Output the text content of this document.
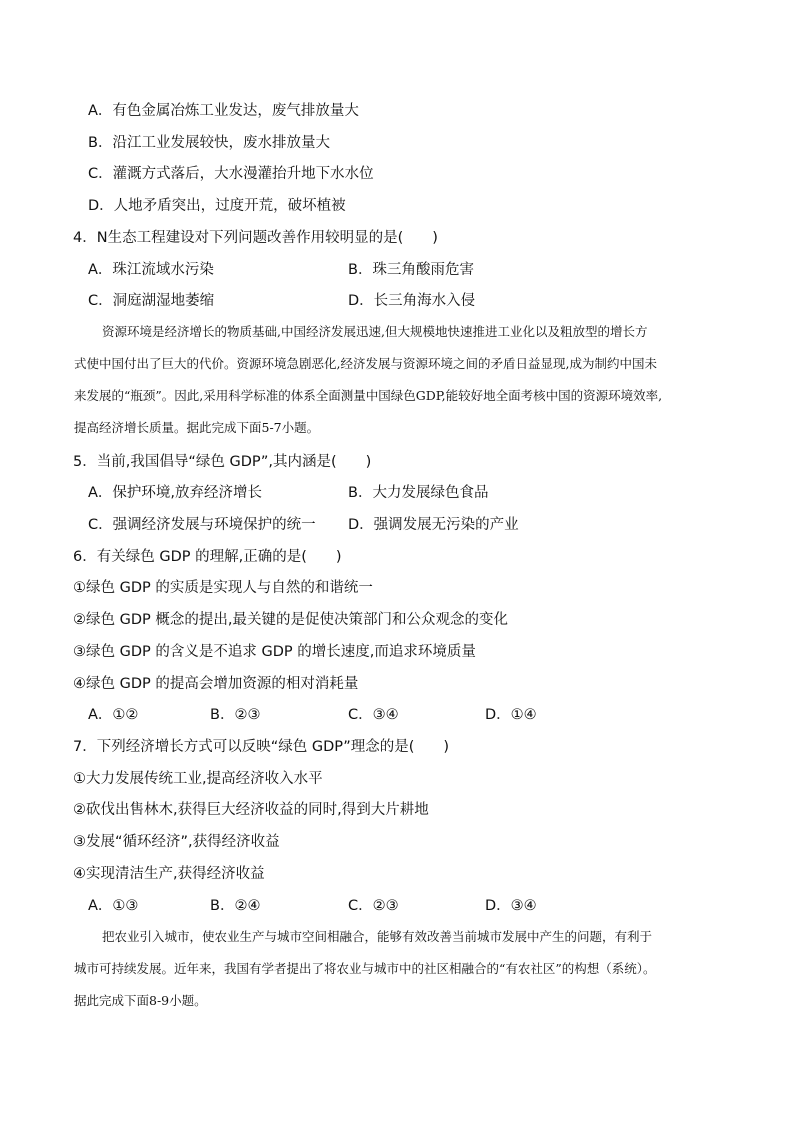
A．有色金属冶炼工业发达，废气排放量大
B．沿江工业发展较快，废水排放量大
C．灌溉方式落后，大水漫灌抬升地下水水位
D．人地矛盾突出，过度开荒，破坏植被
4．N生态工程建设对下列问题改善作用较明显的是(　　)
A．珠江流域水污染	B．珠三角酸雨危害
C．洞庭湖湿地萎缩	D．长三角海水入侵
资源环境是经济增长的物质基础,中国经济发展迅速,但大规模地快速推进工业化以及粗放型的增长方
式使中国付出了巨大的代价。资源环境急剧恶化,经济发展与资源环境之间的矛盾日益显现,成为制约中国未
来发展的“瓶颈”。因此,采用科学标准的体系全面测量中国绿色GDP,能较好地全面考核中国的资源环境效率,
提高经济增长质量。据此完成下面5-7小题。
5．当前,我国倡导“绿色 GDP”,其内涵是(　　)
A．保护环境,放弃经济增长	B．大力发展绿色食品
C．强调经济发展与环境保护的统一 D．强调发展无污染的产业
6．有关绿色 GDP 的理解,正确的是(　　)
①绿色 GDP 的实质是实现人与自然的和谐统一
②绿色 GDP 概念的提出,最关键的是促使决策部门和公众观念的变化
③绿色 GDP 的含义是不追求 GDP 的增长速度,而追求环境质量
④绿色 GDP 的提高会增加资源的相对消耗量
A．①②	B．②③	C．③④	D．①④
7．下列经济增长方式可以反映“绿色 GDP”理念的是(　　)
①大力发展传统工业,提高经济收入水平
②砍伐出售林木,获得巨大经济收益的同时,得到大片耕地
③发展“循环经济”,获得经济收益
④实现清洁生产,获得经济收益
A．①③	B．②④	C．②③	D．③④
把农业引入城市，使农业生产与城市空间相融合，能够有效改善当前城市发展中产生的问题，有利于
城市可持续发展。近年来，我国有学者提出了将农业与城市中的社区相融合的“有农社区”的构想（系统）。
据此完成下面8-9小题。
